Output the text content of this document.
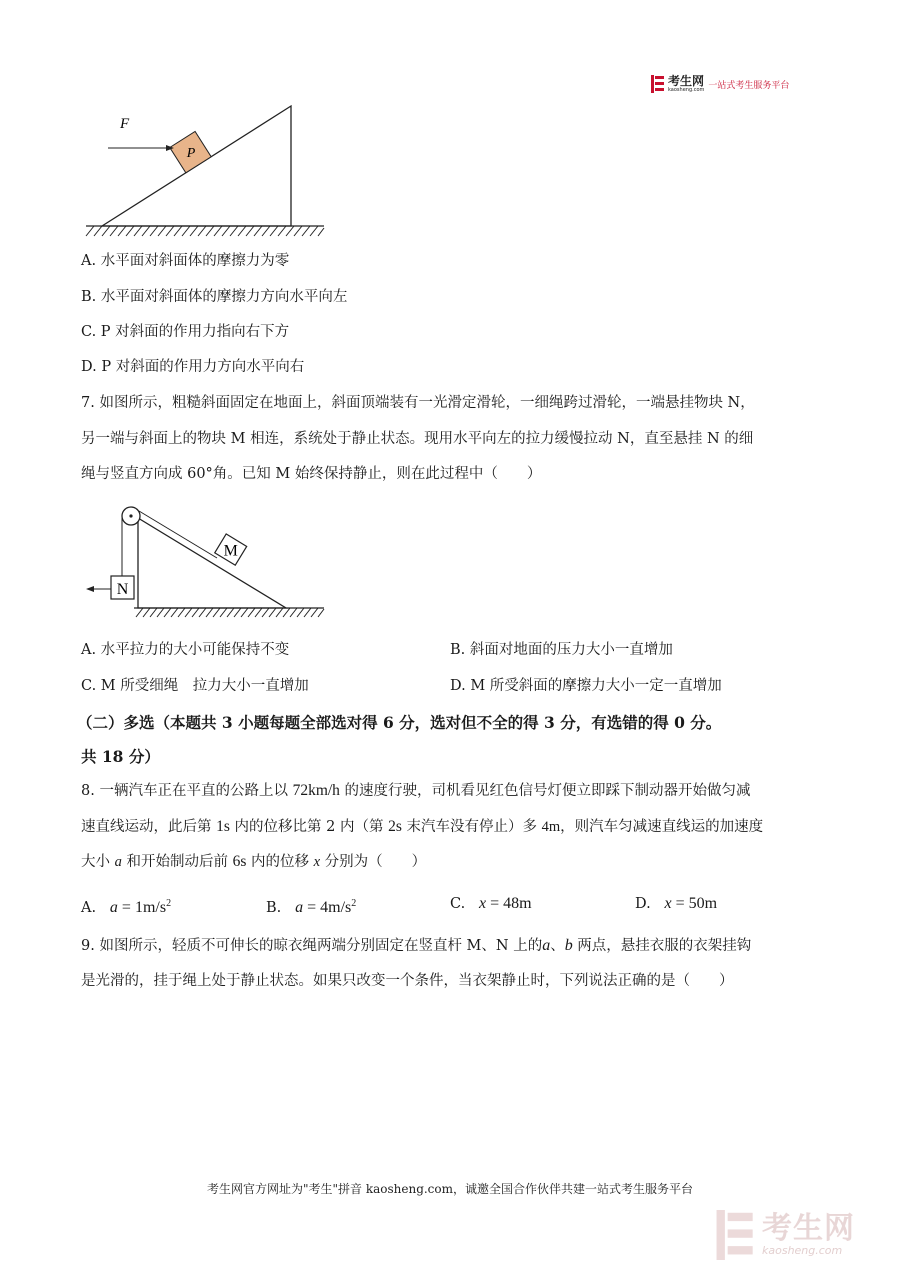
考生网
kaosheng.com 一站式考生服务平台
P
F
A. 水平面对斜面体的摩擦力为零
B. 水平面对斜面体的摩擦力方向水平向左
C. P 对斜面的作用力指向右下方
D. P 对斜面的作用力方向水平向右
7. 如图所示，粗糙斜面固定在地面上，斜面顶端装有一光滑定滑轮，一细绳跨过滑轮，一端悬挂物块 N，
另一端与斜面上的物块 M 相连，系统处于静止状态。现用水平向左的拉力缓慢拉动 N，直至悬挂 N 的细
绳与竖直方向成 60°角。已知 M 始终保持静止，则在此过程中（　　）
M
N
A. 水平拉力的大小可能保持不变	B. 斜面对地面的压力大小一直增加
C. M 所受细绳　拉力大小一直增加	D. M 所受斜面的摩擦力大小一定一直增加
（二）多选（本题共 3 小题每题全部选对得 6 分，选对但不全的得 3 分，有选错的得 0 分。
共 18 分）
8. 一辆汽车正在平直的公路上以 72km/h 的速度行驶，司机看见红色信号灯便立即踩下制动器开始做匀减
速直线运动，此后第 1s 内的位移比第 2 内（第 2s 末汽车没有停止）多 4m，则汽车匀减速直线运的加速度
大小 a 和开始制动后前 6s 内的位移 x 分别为（　　）
A. $a = 1m/s^2$	B. $a = 4m/s^2$	C. x = 48m	D. x = 50m
9. 如图所示，轻质不可伸长的晾衣绳两端分别固定在竖直杆 M、N 上的a、b 两点，悬挂衣服的衣架挂钩
是光滑的，挂于绳上处于静止状态。如果只改变一个条件，当衣架静止时，下列说法正确的是（　　）
考生网官方网址为"考生"拼音 kaosheng.com，诚邀全国合作伙伴共建一站式考生服务平台
考生网
kaosheng.com
